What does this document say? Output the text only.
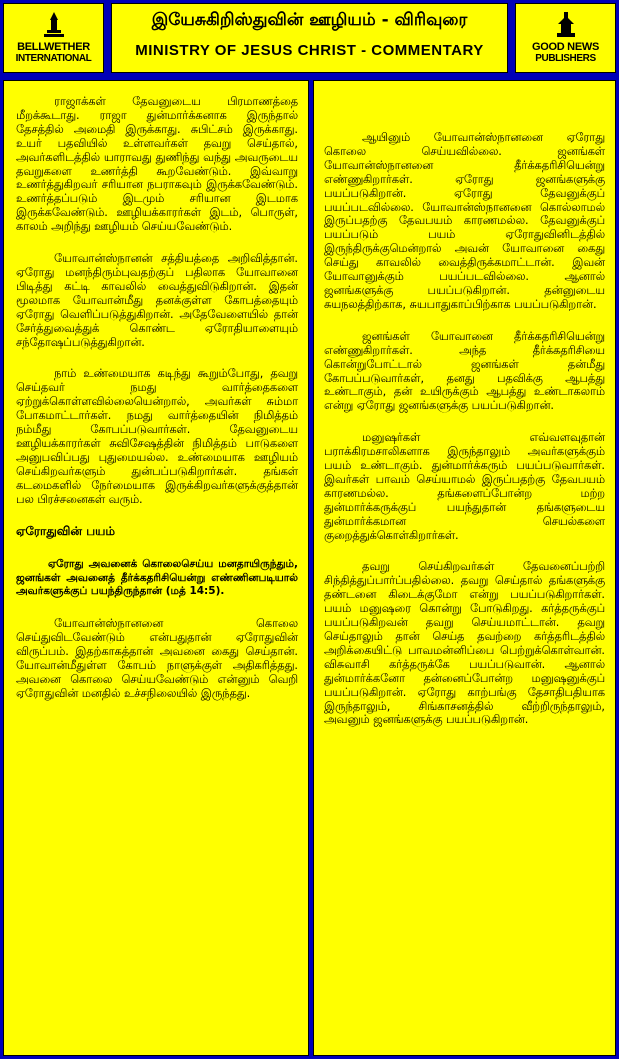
BELLWETHER
INTERNATIONAL
இயேசுகிறிஸ்துவின் ஊழியம் - விரிவுரை
MINISTRY OF JESUS CHRIST - COMMENTARY	GOOD NEWS
PUBLISHERS

ராஜாக்கள் தேவனுடைய பிரமாணத்தை மீறக்கூடாது. ராஜா துன்மார்க்கனாக இருந்தால் தேசத்தில் அமைதி இருக்காது. சுபிட்சம் இருக்காது. உயர் பதவியில் உள்ளவர்கள் தவறு செய்தால், அவர்களிடத்தில் யாராவது துணிந்து வந்து அவருடைய தவறுகளை உணர்த்தி கூறவேண்டும். இவ்வாறு உணர்த்துகிறவர் சரியான நபராகவும் இருக்கவேண்டும். உணர்த்தப்படும் இடமும் சரியான இடமாக இருக்கவேண்டும். ஊழியக்காரர்கள் இடம், பொருள், காலம் அறிந்து ஊழியம் செய்யவேண்டும்.

யோவான்ஸ்நானன் சத்தியத்தை அறிவித்தான். ஏரோது மனந்திரும்புவதற்குப் பதிலாக யோவானை பிடித்து கட்டி காவலில் வைத்துவிடுகிறான். இதன் மூலமாக யோவான்மீது தனக்குள்ள கோபத்தையும் ஏரோது வெளிப்படுத்துகிறான். அதேவேளையில் தான் சேர்த்துவைத்துக் கொண்ட ஏரோதியாளையும் சந்தோஷப்படுத்துகிறான்.

நாம் உண்மையாக கடிந்து கூறும்போது, தவறு செய்தவர் நமது வார்த்தைகளை ஏற்றுக்கொள்ளவில்லையென்றால், அவர்கள் சும்மா போகமாட்டார்கள். நமது வார்த்தையின் நிமித்தம் நம்மீது கோபப்படுவார்கள். தேவனுடைய ஊழியக்காரர்கள் சுவிசேஷத்தின் நிமித்தம் பாடுகளை அனுபவிப்பது புதுமையல்ல. உண்மையாக ஊழியம் செய்கிறவர்களும் துன்பப்படுகிறார்கள். தங்கள் கடமைகளில் நேர்மையாக இருக்கிறவர்களுக்குத்தான் பல பிரச்சனைகள் வரும்.

ஏரோதுவின் பயம்

ஏரோது அவனைக் கொலைசெய்ய மனதாயிருந்தும், ஜனங்கள் அவனைத் தீர்க்கதரிசியென்று எண்ணினபடியால் அவர்களுக்குப் பயந்திருந்தான் (மத் 14:5).

யோவான்ஸ்நானனை கொலை செய்துவிடவேண்டும் என்பதுதான் ஏரோதுவின் விருப்பம். இதற்காகத்தான் அவனை கைது செய்தான். யோவான்மீதுள்ள கோபம் நாளுக்குள் அதிகரித்தது. அவனை கொலை செய்யவேண்டும் என்னும் வெறி ஏரோதுவின் மனதில் உச்சநிலையில் இருந்தது.

ஆயினும் யோவான்ஸ்நானனை ஏரோது கொலை செய்யவில்லை. ஜனங்கள் யோவான்ஸ்நானனை தீர்க்கதரிசியென்று எண்ணுகிறார்கள். ஏரோது ஜனங்களுக்கு பயப்படுகிறான். ஏரோது தேவனுக்குப் பயப்படவில்லை. யோவான்ஸ்நானனை கொல்லாமல் இருப்பதற்கு தேவபயம் காரணமல்ல. தேவனுக்குப் பயப்படும் பயம் ஏரோதுவினிடத்தில் இருந்திருக்குமென்றால் அவன் யோவானை கைது செய்து காவலில் வைத்திருக்கமாட்டான். இவன் யோவானுக்கும் பயப்படவில்லை. ஆனால் ஜனங்களுக்கு பயப்படுகிறான். தன்னுடைய சுயநலத்திற்காக, சுயபாதுகாப்பிற்காக பயப்படுகிறான்.

ஜனங்கள் யோவானை தீர்க்கதரிசியென்று எண்ணுகிறார்கள். அந்த தீர்க்கதரிசியை கொன்றுபோட்டால் ஜனங்கள் தன்மீது கோபப்படுவார்கள், தனது பதவிக்கு ஆபத்து உண்டாகும், தன் உயிருக்கும் ஆபத்து உண்டாகலாம் என்று ஏரோது ஜனங்களுக்கு பயப்படுகிறான்.

மனுஷர்கள் எவ்வளவுதான் பராக்கிரமசாலிகளாக இருந்தாலும் அவர்களுக்கும் பயம் உண்டாகும். துன்மார்க்கரும் பயப்படுவார்கள். இவர்கள் பாவம் செய்யாமல் இருப்பதற்கு தேவபயம் காரணமல்ல. தங்களைப்போன்ற மற்ற துன்மார்க்கருக்குப் பயந்துதான் தங்களுடைய துன்மார்க்கமான செயல்களை குறைத்துக்கொள்கிறார்கள்.

தவறு செய்கிறவர்கள் தேவனைப்பற்றி சிந்தித்துப்பார்ப்பதில்லை. தவறு செய்தால் தங்களுக்கு தண்டனை கிடைக்குமோ என்று பயப்படுகிறார்கள். பயம் மனுஷரை கொன்று போடுகிறது. கர்த்தருக்குப் பயப்படுகிறவன் தவறு செய்யமாட்டான். தவறு செய்தாலும் தான் செய்த தவற்றை கர்த்தரிடத்தில் அறிக்கையிட்டு பாவமன்னிப்பை பெற்றுக்கொள்வான். விசுவாசி கர்த்தருக்கே பயப்படுவான். ஆனால் துன்மார்க்கனோ தன்னைப்போன்ற மனுஷனுக்குப் பயப்படுகிறான். ஏரோது காற்பங்கு தேசாதிபதியாக இருந்தாலும், சிங்காசனத்தில் வீற்றிருந்தாலும், அவனும் ஜனங்களுக்கு பயப்படுகிறான்.
